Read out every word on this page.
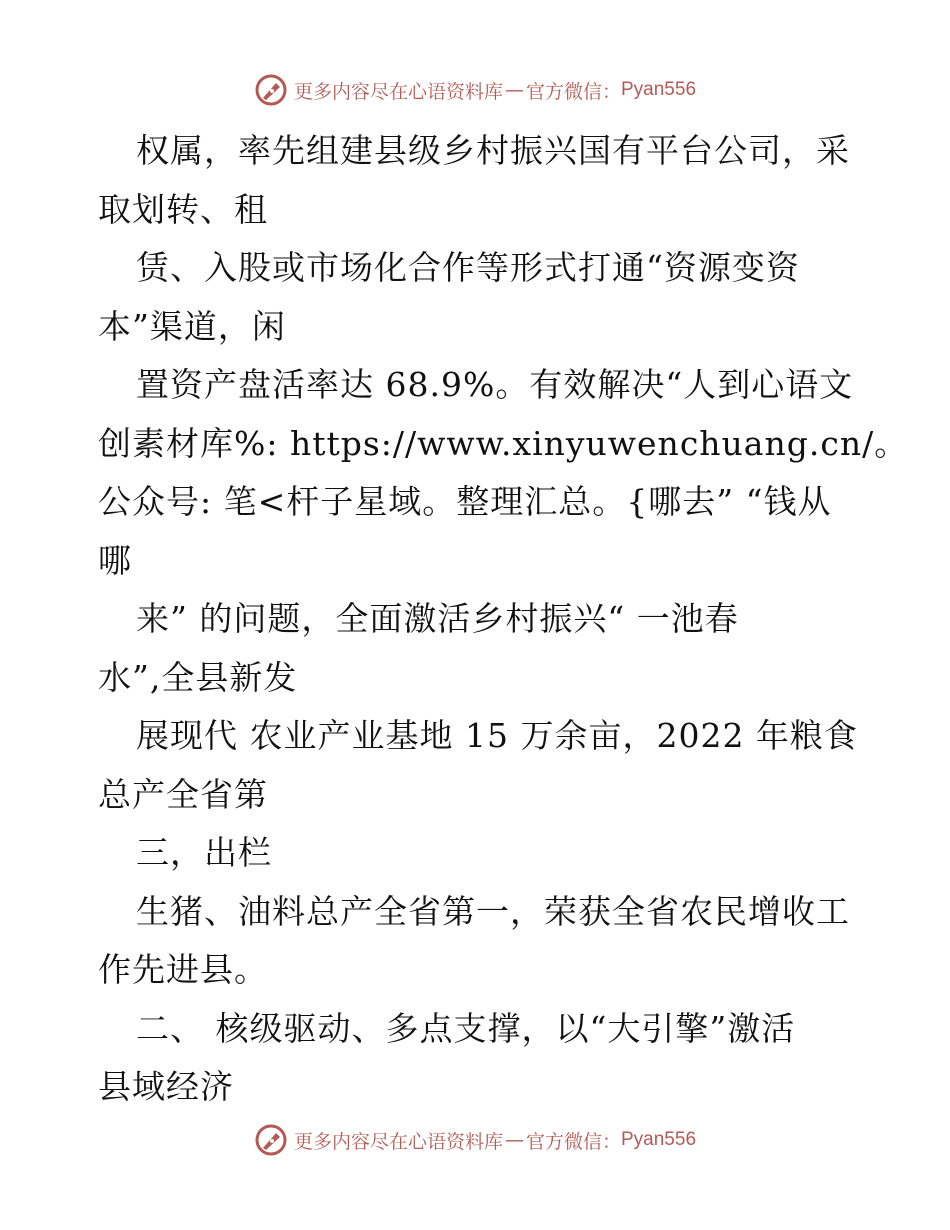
更多内容尽在心语资料库 — 官方微信： Pyan556
权属，率先组建县级乡村振兴国有平台公司，采
取划转、租
赁、入股或市场化合作等形式打通“资源变资
本”渠道，闲
置资产盘活率达 68.9%。有效解决“人到心语文
创素材库%: https://www.xinyuwenchuang.cn/。
公众号: 笔<杆子星域。整理汇总。{哪去” “钱从
哪
来” 的问题，全面激活乡村振兴“ 一池春
水”,全县新发
展现代 农业产业基地 15 万余亩，2022 年粮食
总产全省第
三，出栏
生猪、油料总产全省第一，荣获全省农民增收工
作先进县。
二、 核级驱动、多点支撑，以“大引擎”激活
县域经济
更多内容尽在心语资料库 — 官方微信： Pyan556
